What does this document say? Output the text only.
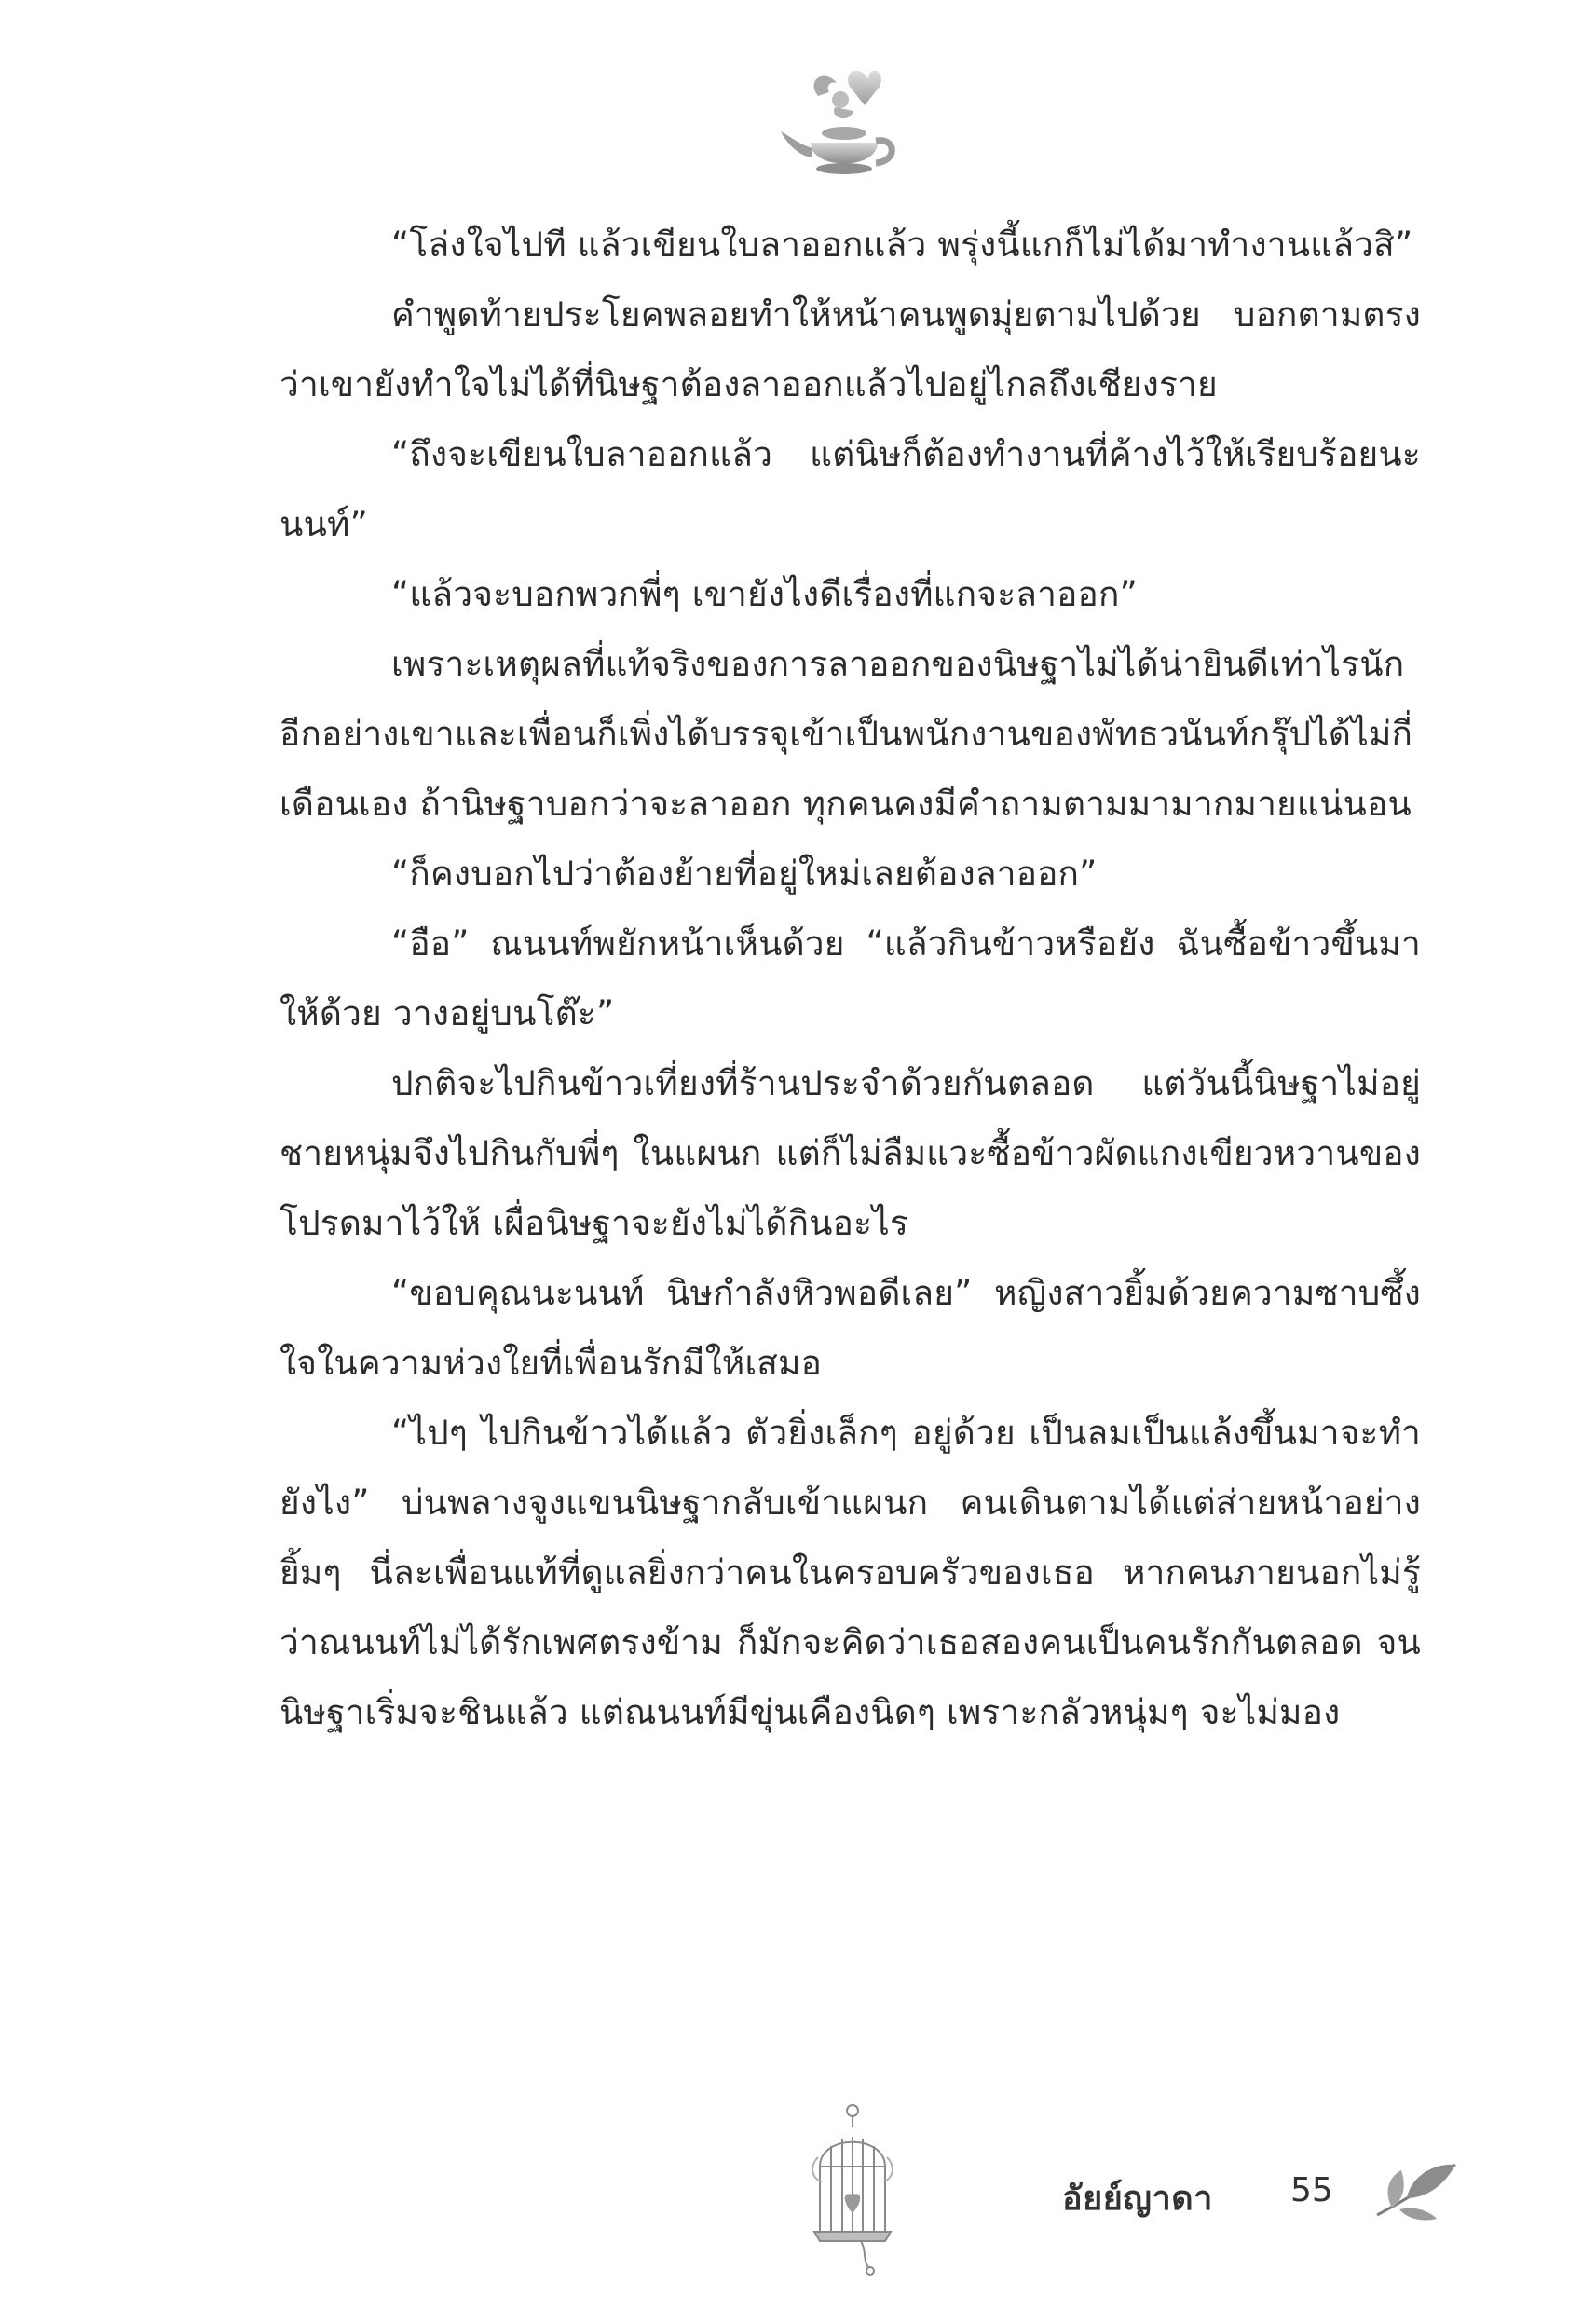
“โล่งใจไปที แล้วเขียนใบลาออกแล้ว พรุ่งนี้แกก็ไม่ได้มาทำงานแล้วสิ”

คำพูดท้ายประโยคพลอยทำให้หน้าคนพูดมุ่ยตามไปด้วย บอกตามตรงว่าเขายังทำใจไม่ได้ที่นิษฐาต้องลาออกแล้วไปอยู่ไกลถึงเชียงราย

“ถึงจะเขียนใบลาออกแล้ว แต่นิษก็ต้องทำงานที่ค้างไว้ให้เรียบร้อยนะนนท์”

“แล้วจะบอกพวกพี่ๆ เขายังไงดีเรื่องที่แกจะลาออก”

เพราะเหตุผลที่แท้จริงของการลาออกของนิษฐาไม่ได้น่ายินดีเท่าไรนัก อีกอย่างเขาและเพื่อนก็เพิ่งได้บรรจุเข้าเป็นพนักงานของพัทธวนันท์กรุ๊ปได้ไม่กี่เดือนเอง ถ้านิษฐาบอกว่าจะลาออก ทุกคนคงมีคำถามตามมามากมายแน่นอน

“ก็คงบอกไปว่าต้องย้ายที่อยู่ใหม่เลยต้องลาออก”

“อือ” ณนนท์พยักหน้าเห็นด้วย “แล้วกินข้าวหรือยัง ฉันซื้อข้าวขึ้นมาให้ด้วย วางอยู่บนโต๊ะ”

ปกติจะไปกินข้าวเที่ยงที่ร้านประจำด้วยกันตลอด แต่วันนี้นิษฐาไม่อยู่ ชายหนุ่มจึงไปกินกับพี่ๆ ในแผนก แต่ก็ไม่ลืมแวะซื้อข้าวผัดแกงเขียวหวานของโปรดมาไว้ให้ เผื่อนิษฐาจะยังไม่ได้กินอะไร

“ขอบคุณนะนนท์ นิษกำลังหิวพอดีเลย” หญิงสาวยิ้มด้วยความซาบซึ้งใจในความห่วงใยที่เพื่อนรักมีให้เสมอ

“ไปๆ ไปกินข้าวได้แล้ว ตัวยิ่งเล็กๆ อยู่ด้วย เป็นลมเป็นแล้งขึ้นมาจะทำยังไง” บ่นพลางจูงแขนนิษฐากลับเข้าแผนก คนเดินตามได้แต่ส่ายหน้าอย่างยิ้มๆ นี่ละเพื่อนแท้ที่ดูแลยิ่งกว่าคนในครอบครัวของเธอ หากคนภายนอกไม่รู้ว่าณนนท์ไม่ได้รักเพศตรงข้าม ก็มักจะคิดว่าเธอสองคนเป็นคนรักกันตลอด จนนิษฐาเริ่มจะชินแล้ว แต่ณนนท์มีขุ่นเคืองนิดๆ เพราะกลัวหนุ่มๆ จะไม่มอง

อัยย์ญาดา 55
